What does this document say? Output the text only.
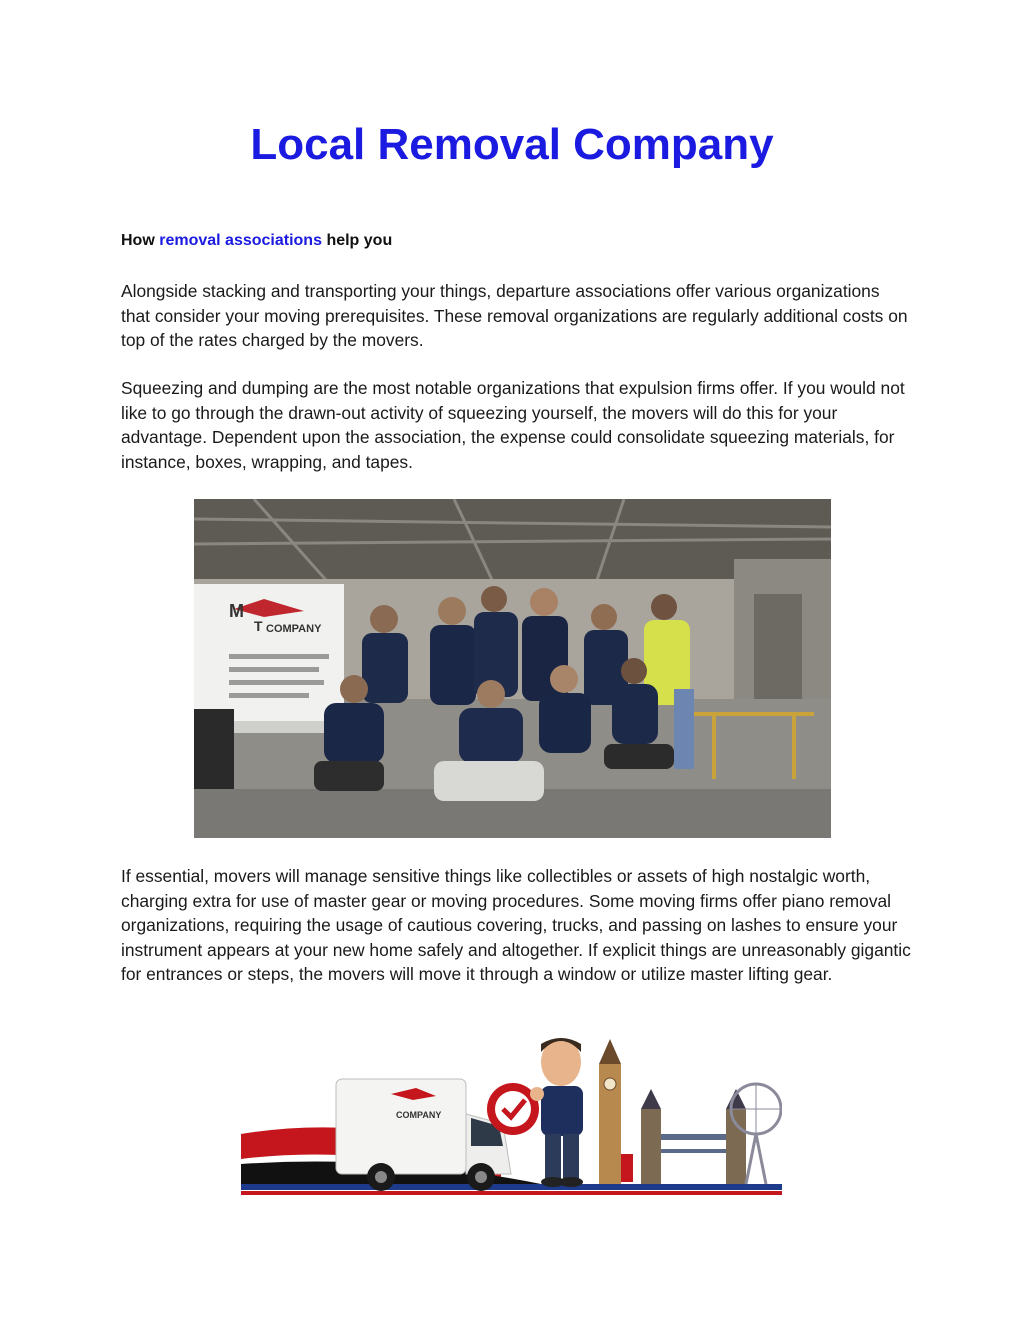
Local Removal Company

How removal associations help you

Alongside stacking and transporting your things, departure associations offer various organizations that consider your moving prerequisites. These removal organizations are regularly additional costs on top of the rates charged by the movers.

Squeezing and dumping are the most notable organizations that expulsion firms offer. If you would not like to go through the drawn-out activity of squeezing yourself, the movers will do this for your advantage. Dependent upon the association, the expense could consolidate squeezing materials, for instance, boxes, wrapping, and tapes.

M
T COMPANY

If essential, movers will manage sensitive things like collectibles or assets of high nostalgic worth, charging extra for use of master gear or moving procedures. Some moving firms offer piano removal organizations, requiring the usage of cautious covering, trucks, and passing on lashes to ensure your instrument appears at your new home safely and altogether. If explicit things are unreasonably gigantic for entrances or steps, the movers will move it through a window or utilize master lifting gear.

COMPANY
